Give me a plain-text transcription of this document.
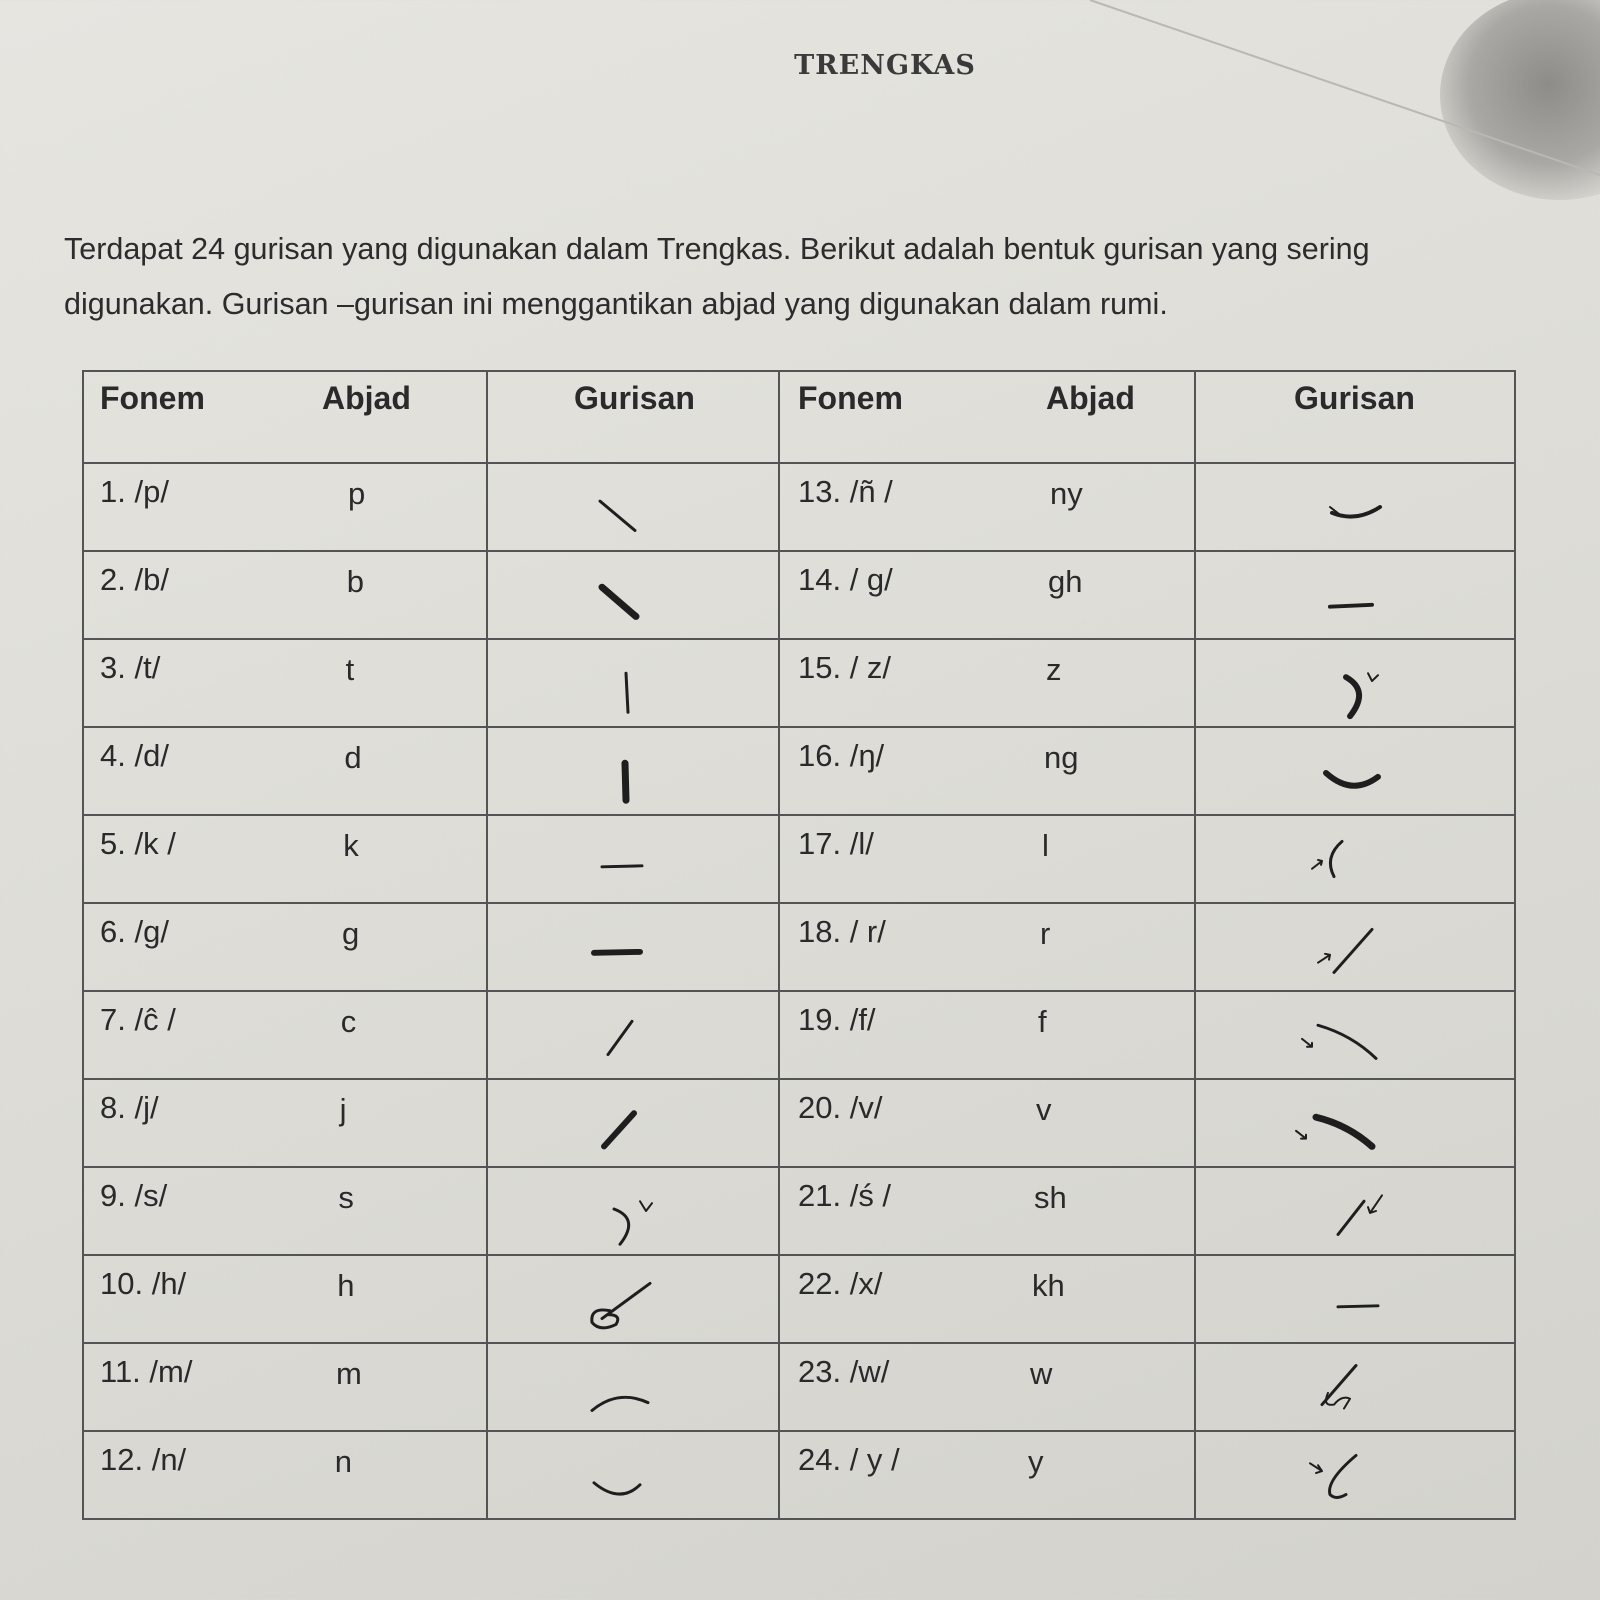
TRENGKAS
Terdapat 24 gurisan yang digunakan dalam Trengkas. Berikut adalah bentuk gurisan yang sering
digunakan. Gurisan –gurisan ini menggantikan abjad yang digunakan dalam rumi.
Fonem Abjad	Gurisan	Fonem Abjad	Gurisan

1. /p/ p		13. /ñ / ny

2. /b/ b		14. / g/ gh

3. /t/ t		15. / z/ z

4. /d/ d		16. /ŋ/ ng

5. /k / k		17. /l/ l

6. /g/ g		18. / r/ r

7. /ĉ / c		19. /f/ f

8. /j/ j		20. /v/ v

9. /s/ s		21. /ś / sh

10. /h/ h		22. /x/ kh

11. /m/ m		23. /w/ w

12. /n/ n		24. / y / y
